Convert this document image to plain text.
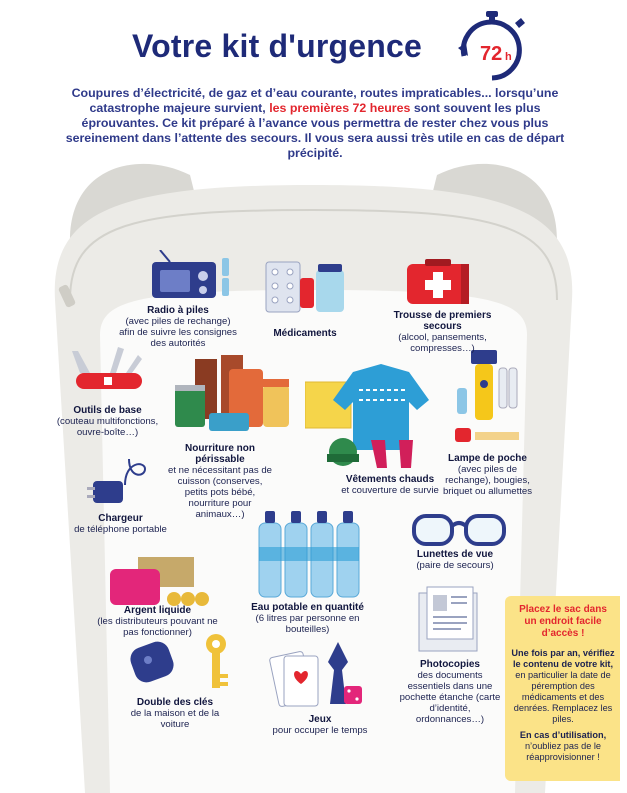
Votre kit d'urgence	72 h
Coupures d’électricité, de gaz et d’eau courante, routes impraticables... lorsqu’une catastrophe majeure survient, les premières 72 heures sont souvent les plus éprouvantes. Ce kit préparé à l’avance vous permettra de rester chez vous plus sereinement dans l’attente des secours. Il vous sera aussi très utile en cas de départ précipité.
Radio à piles
(avec piles de rechange) afin de suivre les consignes des autorités
Médicaments
Trousse de premiers secours
(alcool, pansements, compresses…)
Outils de base
(couteau multifonctions, ouvre-boîte…)
Nourriture non périssable
et ne nécessitant pas de cuisson (conserves, petits pots bébé, nourriture pour animaux…)
Vêtements chauds
et couverture de survie
Lampe de poche
(avec piles de rechange), bougies, briquet ou allumettes
Chargeur
de téléphone portable
Eau potable en quantité
(6 litres par personne en bouteilles)
Lunettes de vue
(paire de secours)
Argent liquide
(les distributeurs pouvant ne pas fonctionner)
Photocopies
des documents essentiels dans une pochette étanche (carte d’identité, ordonnances…)
Double des clés
de la maison et de la voiture	Jeux
pour occuper le temps
Placez le sac dans un endroit facile d’accès !

Une fois par an, vérifiez le contenu de votre kit, en particulier la date de péremption des médicaments et des denrées. Remplacez les piles.

En cas d’utilisation, n’oubliez pas de le réapprovisionner !
